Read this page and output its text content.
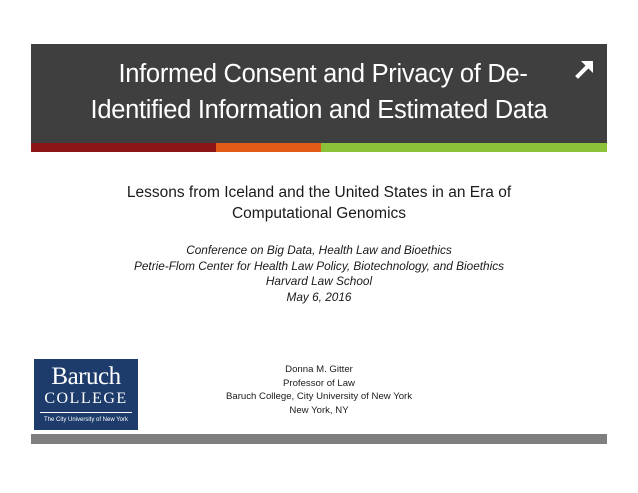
Informed Consent and Privacy of De-
Identified Information and Estimated Data
Lessons from Iceland and the United States in an Era of
Computational Genomics
Conference on Big Data, Health Law and Bioethics
Petrie-Flom Center for Health Law Policy, Biotechnology, and Bioethics
Harvard Law School
May 6, 2016
Baruch
COLLEGE
The City University of New York
Donna M. Gitter
Professor of Law
Baruch College, City University of New York
New York, NY
